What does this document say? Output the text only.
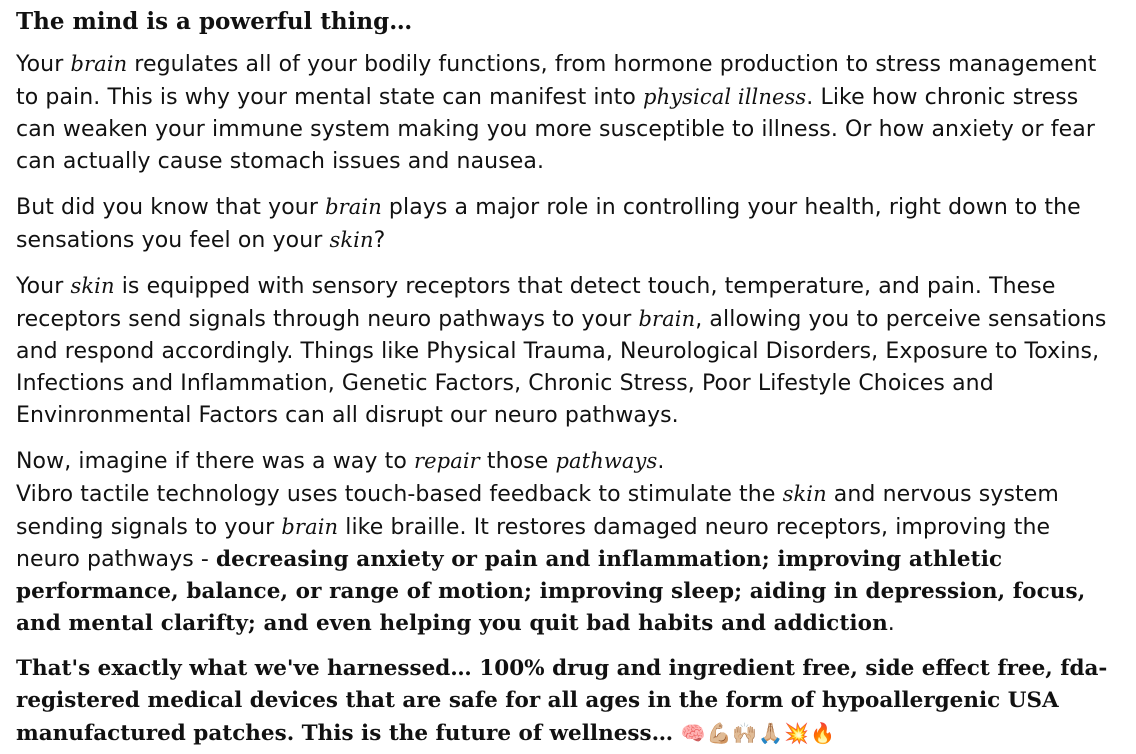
The mind is a powerful thing…

Your brain regulates all of your bodily functions, from hormone production to stress management to pain. This is why your mental state can manifest into physical illness. Like how chronic stress can weaken your immune system making you more susceptible to illness. Or how anxiety or fear can actually cause stomach issues and nausea.

But did you know that your brain plays a major role in controlling your health, right down to the sensations you feel on your skin?

Your skin is equipped with sensory receptors that detect touch, temperature, and pain. These receptors send signals through neuro pathways to your brain, allowing you to perceive sensations and respond accordingly. Things like Physical Trauma, Neurological Disorders, Exposure to Toxins, Infections and Inflammation, Genetic Factors, Chronic Stress, Poor Lifestyle Choices and Envinronmental Factors can all disrupt our neuro pathways.

Now, imagine if there was a way to repair those pathways.
Vibro tactile technology uses touch-based feedback to stimulate the skin and nervous system sending signals to your brain like braille. It restores damaged neuro receptors, improving the neuro pathways - decreasing anxiety or pain and inflammation; improving athletic performance, balance, or range of motion; improving sleep; aiding in depression, focus, and mental clarifty; and even helping you quit bad habits and addiction.

That's exactly what we've harnessed… 100% drug and ingredient free, side effect free, fda-registered medical devices that are safe for all ages in the form of hypoallergenic USA manufactured patches. This is the future of wellness… 🧠💪🏼🙌🏼🙏🏼💥🔥
